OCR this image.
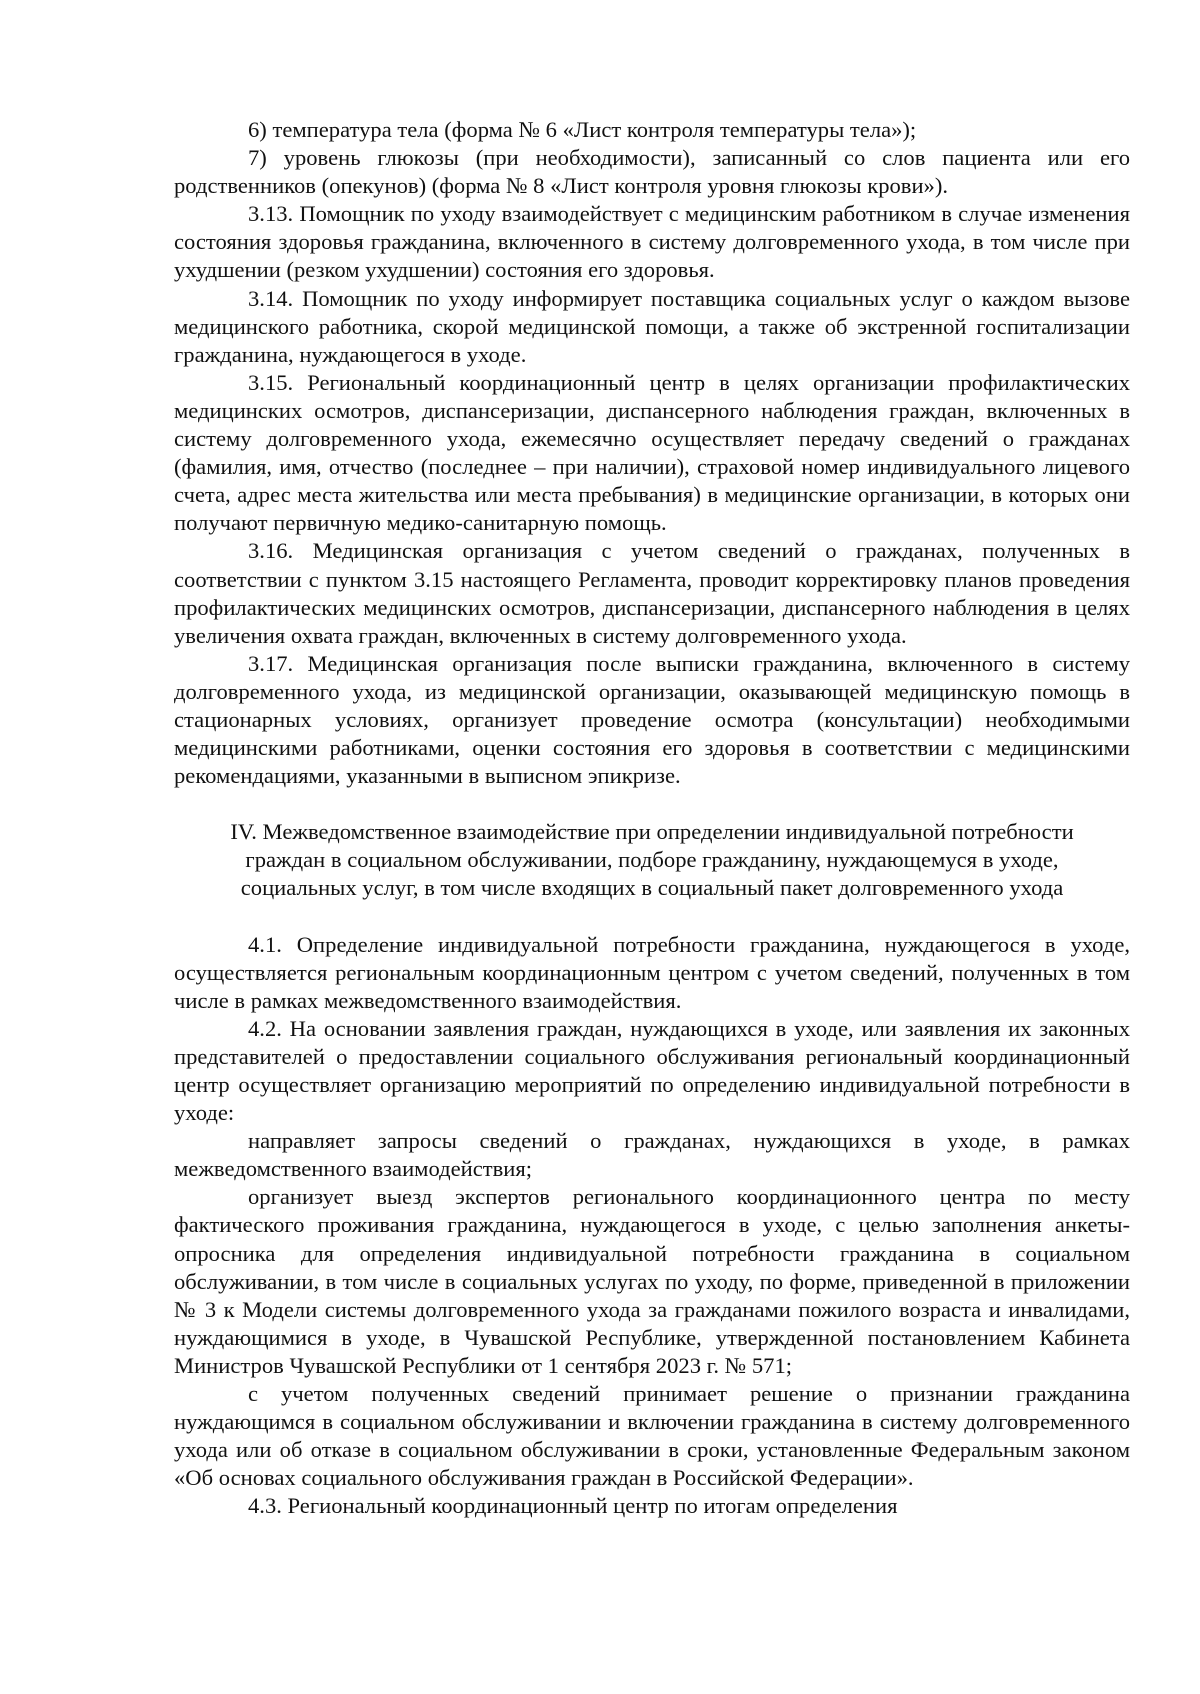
6) температура тела (форма № 6 «Лист контроля температуры тела»);

7) уровень глюкозы (при необходимости), записанный со слов пациента или его родственников (опекунов) (форма № 8 «Лист контроля уровня глюкозы крови»).

3.13. Помощник по уходу взаимодействует с медицинским работником в случае изменения состояния здоровья гражданина, включенного в систему долговременного ухода, в том числе при ухудшении (резком ухудшении) состояния его здоровья.

3.14. Помощник по уходу информирует поставщика социальных услуг о каждом вызове медицинского работника, скорой медицинской помощи, а также об экстренной госпитализации гражданина, нуждающегося в уходе.

3.15. Региональный координационный центр в целях организации профилактических медицинских осмотров, диспансеризации, диспансерного наблюдения граждан, включенных в систему долговременного ухода, ежемесячно осуществляет передачу сведений о гражданах (фамилия, имя, отчество (последнее – при наличии), страховой номер индивидуального лицевого счета, адрес места жительства или места пребывания) в медицинские организации, в которых они получают первичную медико-санитарную помощь.

3.16. Медицинская организация с учетом сведений о гражданах, полученных в соответствии с пунктом 3.15 настоящего Регламента, проводит корректировку планов проведения профилактических медицинских осмотров, диспансеризации, диспансерного наблюдения в целях увеличения охвата граждан, включенных в систему долговременного ухода.

3.17. Медицинская организация после выписки гражданина, включенного в систему долговременного ухода, из медицинской организации, оказывающей медицинскую помощь в стационарных условиях, организует проведение осмотра (консультации) необходимыми медицинскими работниками, оценки состояния его здоровья в соответствии с медицинскими рекомендациями, указанными в выписном эпикризе.

IV. Межведомственное взаимодействие при определении индивидуальной потребности
граждан в социальном обслуживании, подборе гражданину, нуждающемуся в уходе,
социальных услуг, в том числе входящих в социальный пакет долговременного ухода

4.1. Определение индивидуальной потребности гражданина, нуждающегося в уходе, осуществляется региональным координационным центром с учетом сведений, полученных в том числе в рамках межведомственного взаимодействия.

4.2. На основании заявления граждан, нуждающихся в уходе, или заявления их законных представителей о предоставлении социального обслуживания региональный координационный центр осуществляет организацию мероприятий по определению индивидуальной потребности в уходе:

направляет запросы сведений о гражданах, нуждающихся в уходе, в рамках межведомственного взаимодействия;

организует выезд экспертов регионального координационного центра по месту фактического проживания гражданина, нуждающегося в уходе, с целью заполнения анкеты-опросника для определения индивидуальной потребности гражданина в социальном обслуживании, в том числе в социальных услугах по уходу, по форме, приведенной в приложении № 3 к Модели системы долговременного ухода за гражданами пожилого возраста и инвалидами, нуждающимися в уходе, в Чувашской Республике, утвержденной постановлением Кабинета Министров Чувашской Республики от 1 сентября 2023 г. № 571;

с учетом полученных сведений принимает решение о признании гражданина нуждающимся в социальном обслуживании и включении гражданина в систему долговременного ухода или об отказе в социальном обслуживании в сроки, установленные Федеральным законом «Об основах социального обслуживания граждан в Российской Федерации».

4.3. Региональный координационный центр по итогам определения
